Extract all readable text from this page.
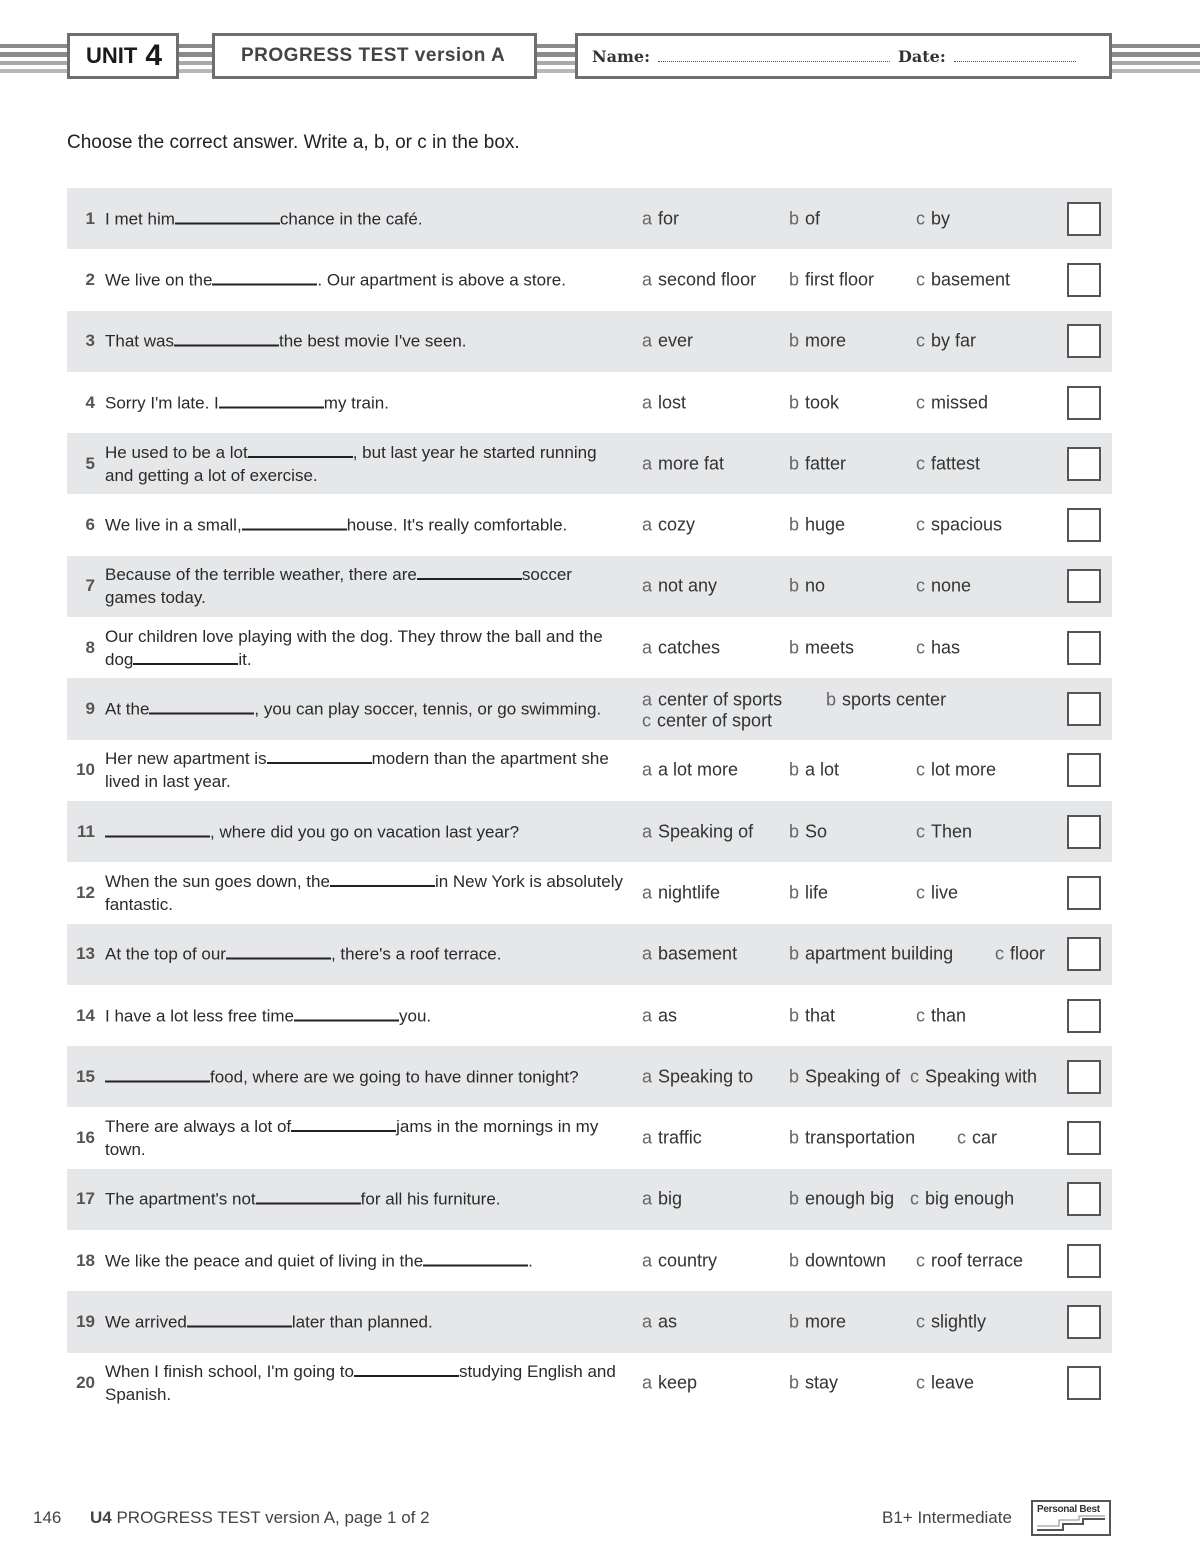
UNIT 4	PROGRESS TEST version A	Name:	Date:
Choose the correct answer. Write a, b, or c in the box.
1 I met him	chance in the café.	a for	b of	c by
2 We live on the	. Our apartment is above a store.	a second floor b first floor c basement
3 That was	the best movie I've seen.	a ever	b more	c by far
4 Sorry I'm late. I	my train.	a lost	b took	c missed
5
He used to be a lot	, but last year he started running and getting a lot of exercise.
a more fat	b fatter	c fattest
6 We live in a small,	house. It's really comfortable.	a cozy	b huge	c spacious
7
Because of the terrible weather, there are	soccer games today.
a not any	b no	c none
8
Our children love playing with the dog. They throw the ball and the dog	it.
a catches	b meets	c has
9 At the	, you can play soccer, tennis, or go swimming.	a center of sports b sports center
c center of sport
10
Her new apartment is	modern than the apartment she lived in last year.
a a lot more	b a lot	c lot more
11	, where did you go on vacation last year?	a Speaking of b So	c Then
12
When the sun goes down, the	in New York is absolutely fantastic.
a nightlife	b life	c live
13 At the top of our	, there's a roof terrace.	a basement	b apartment building c floor
14 I have a lot less free time	you.	a as	b that	c than
15	food, where are we going to have dinner tonight?	a Speaking to b Speaking of c Speaking with
16
There are always a lot of	jams in the mornings in my town.
a traffic	b transportation c car
17 The apartment's not	for all his furniture.	a big	b enough big c big enough
18 We like the peace and quiet of living in the	.	a country	b downtown c roof terrace
19 We arrived	later than planned.	a as	b more	c slightly
20
When I finish school, I'm going to	studying English and Spanish.
a keep	b stay	c leave
146 U4 PROGRESS TEST version A, page 1 of 2	B1+ Intermediate	Personal Best
